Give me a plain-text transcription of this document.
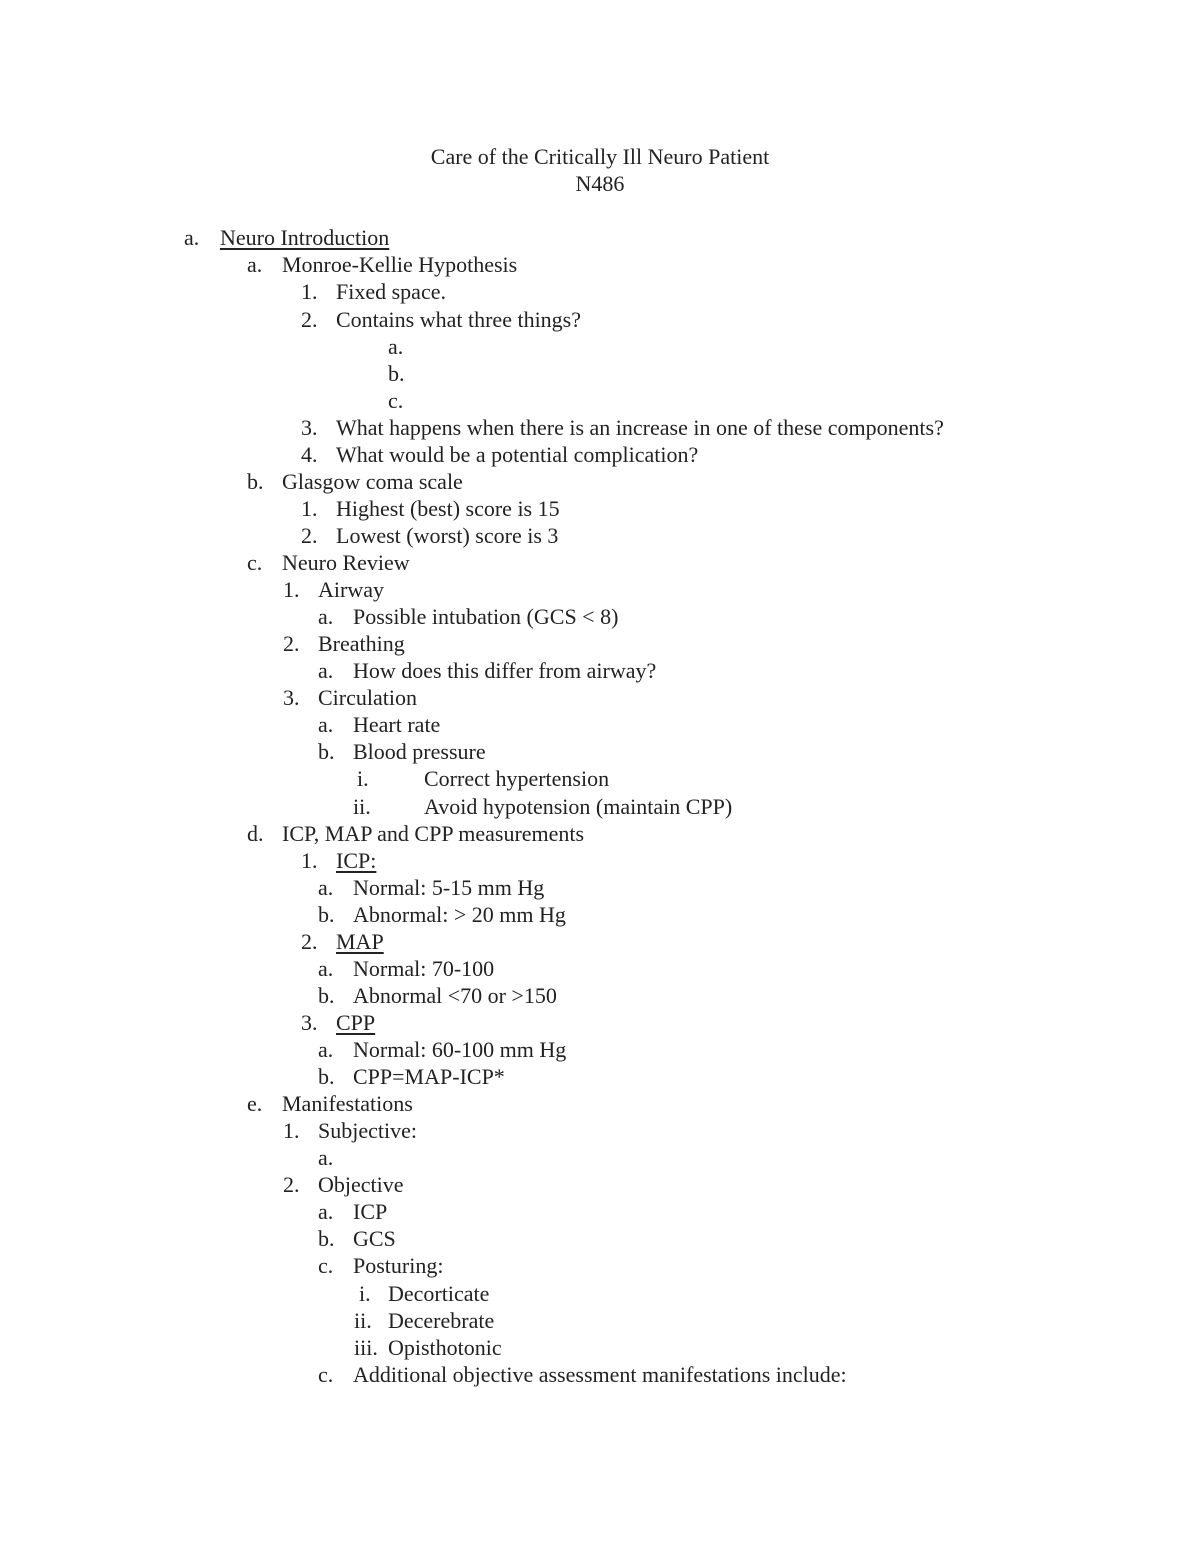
Care of the Critically Ill Neuro Patient
N486
a. Neuro Introduction
a. Monroe-Kellie Hypothesis
1. Fixed space.
2. Contains what three things?
a.
b.
c.
3. What happens when there is an increase in one of these components?
4. What would be a potential complication?
b. Glasgow coma scale
1. Highest (best) score is 15
2. Lowest (worst) score is 3
c. Neuro Review
1. Airway
a. Possible intubation (GCS < 8)
2. Breathing
a. How does this differ from airway?
3. Circulation
a. Heart rate
b. Blood pressure
i.	Correct hypertension
ii. Avoid hypotension (maintain CPP)
d. ICP, MAP and CPP measurements
1. ICP:
a. Normal: 5-15 mm Hg
b. Abnormal: > 20 mm Hg
2. MAP
a. Normal: 70-100
b. Abnormal <70 or >150
3. CPP
a. Normal: 60-100 mm Hg
b. CPP=MAP-ICP*
e. Manifestations
1. Subjective:
a.
2. Objective
a. ICP
b. GCS
c. Posturing:
i. Decorticate
ii. Decerebrate
iii. Opisthotonic
c. Additional objective assessment manifestations include:
